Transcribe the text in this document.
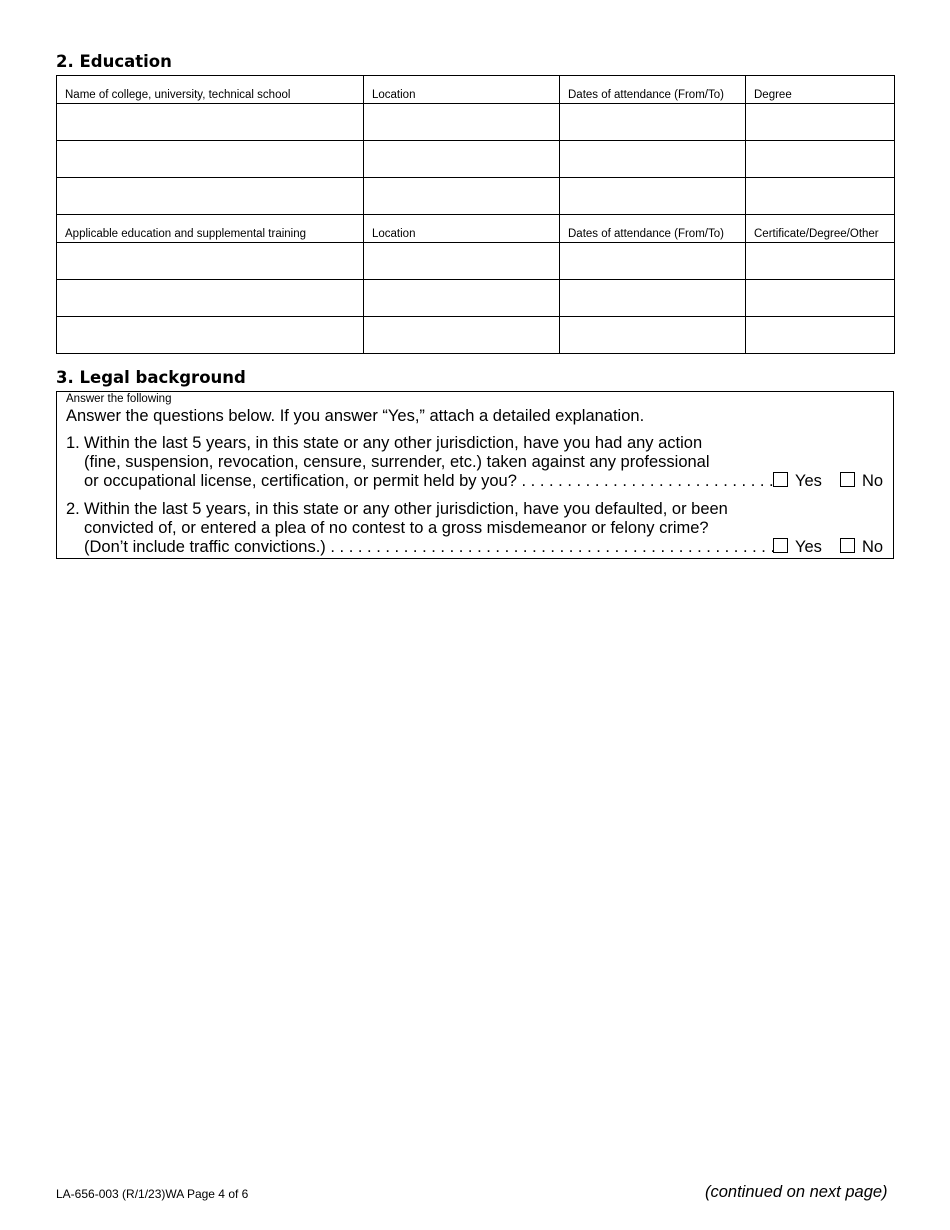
2. Education
Name of college, university, technical school	Location	Dates of attendance (From/To)	Degree

Applicable education and supplemental training	Location	Dates of attendance (From/To)	Certificate/Degree/Other

3. Legal background
Answer the following
Answer the questions below. If you answer “Yes,” attach a detailed explanation.
1. Within the last 5 years, in this state or any other jurisdiction, have you had any action
(fine, suspension, revocation, censure, surrender, etc.) taken against any professional
or occupational license, certification, or permit held by you? . . .	Yes	No
2. Within the last 5 years, in this state or any other jurisdiction, have you defaulted, or been
convicted of, or entered a plea of no contest to a gross misdemeanor or felony crime?
(Don’t include traffic convictions.) . . .	Yes	No
LA-656-003 (R/1/23)WA Page 4 of 6	(continued on next page)
